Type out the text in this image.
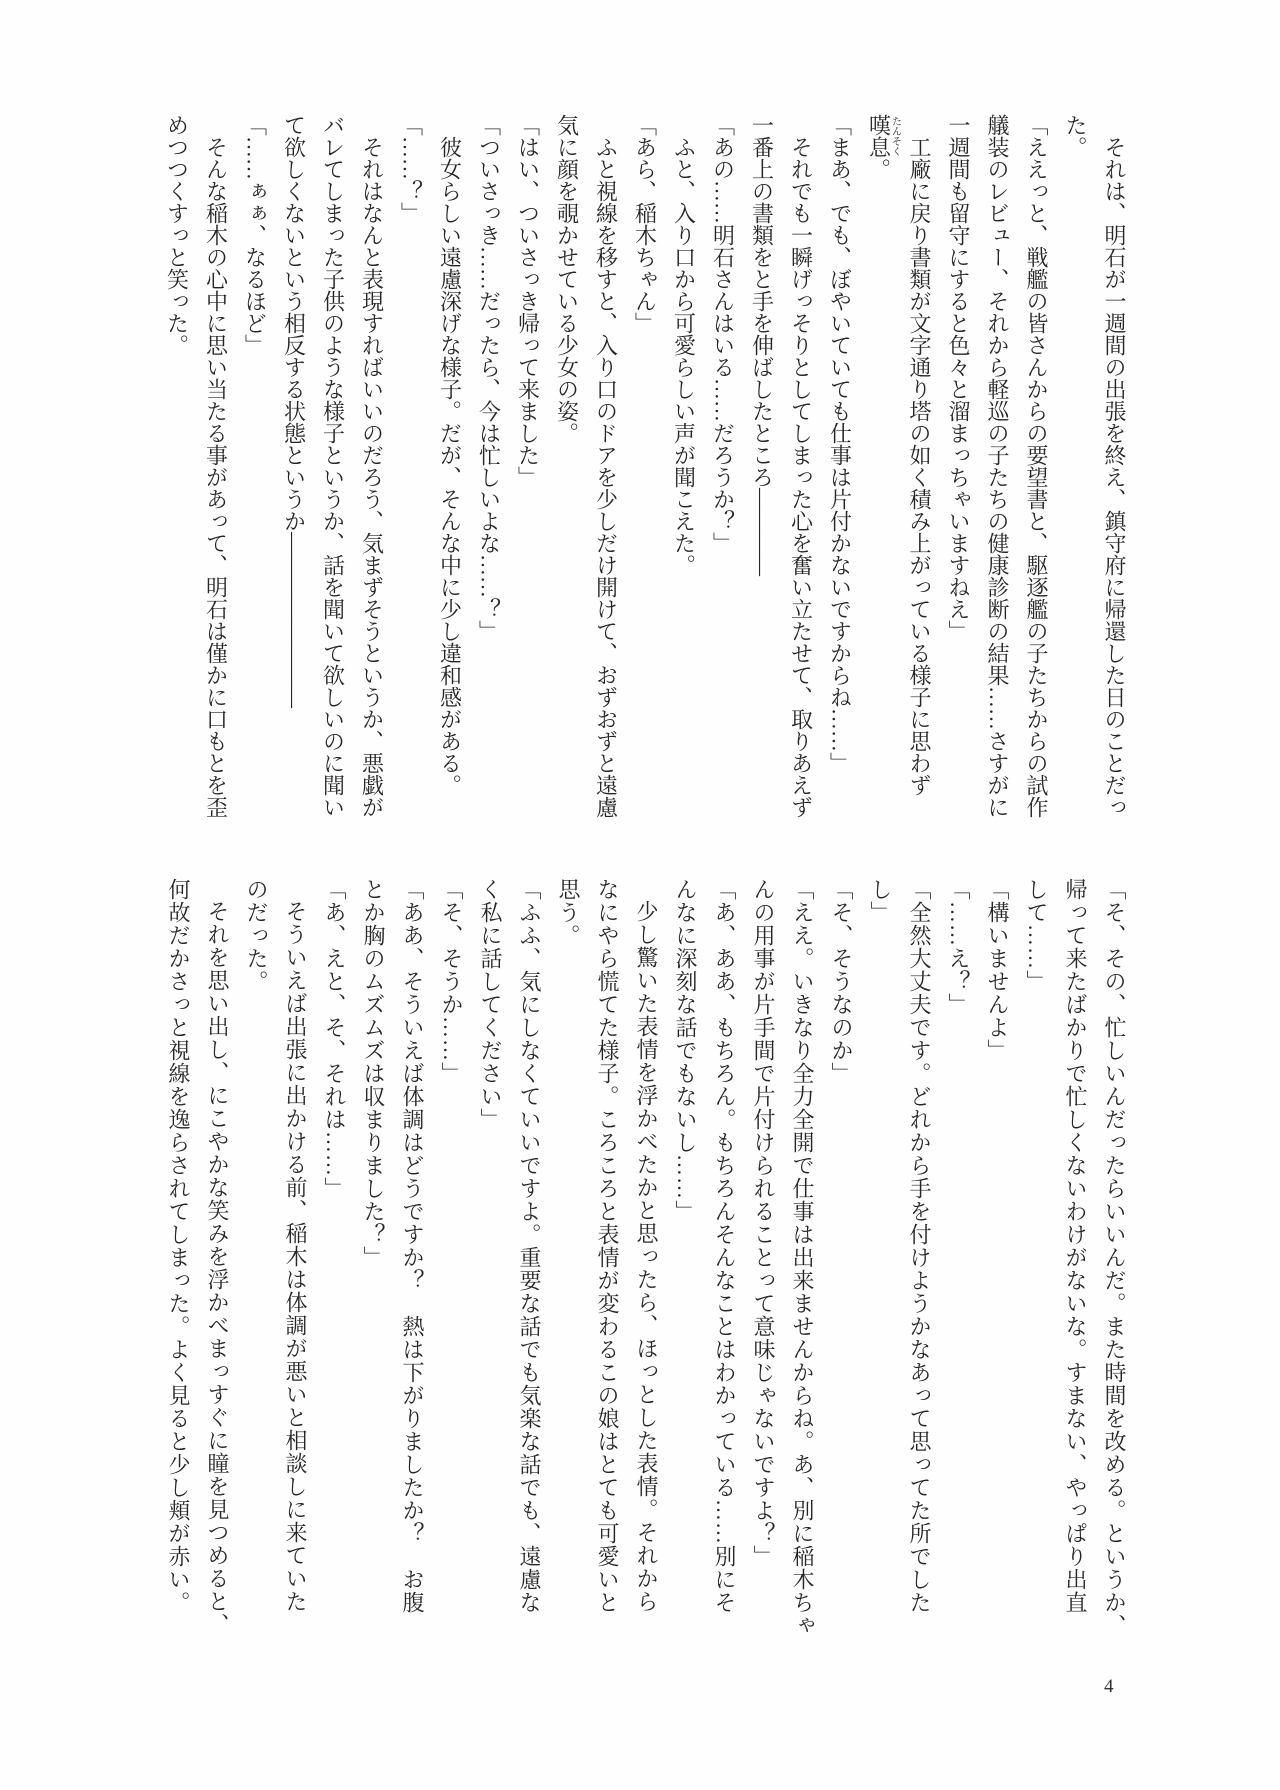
それは、明石が一週間の出張を終え、鎮守府に帰還した日のことだっ
た。
「ええっと、戦艦の皆さんからの要望書と、駆逐艦の子たちからの試作
艤装のレビュー、それから軽巡の子たちの健康診断の結果……さすがに
一週間も留守にすると色々と溜まっちゃいますねえ」
工廠に戻り書類が文字通り塔の如く積み上がっている様子に思わず
嘆息たんそく。
「まあ、でも、ぼやいていても仕事は片付かないですからね……」
それでも一瞬げっそりとしてしまった心を奮い立たせて、取りあえず
一番上の書類をと手を伸ばしたところ――――
「あの……明石さんはいる……だろうか？」
ふと、入り口から可愛らしい声が聞こえた。
「あら、稲木ちゃん」
ふと視線を移すと、入り口のドアを少しだけ開けて、おずおずと遠慮
気に顔を覗かせている少女の姿。
「はい、ついさっき帰って来ました」
「ついさっき……だったら、今は忙しいよな……？」
彼女らしい遠慮深げな様子。だが、そんな中に少し違和感がある。
「……？」
それはなんと表現すればいいのだろう、気まずそうというか、悪戯が
バレてしまった子供のような様子というか、話を聞いて欲しいのに聞い
て欲しくないという相反する状態というか――――――――
「……ぁぁ、なるほど」
そんな稲木の心中に思い当たる事があって、明石は僅かに口もとを歪
めつつくすっと笑った。
「そ、その、忙しいんだったらいいんだ。また時間を改める。というか、
帰って来たばかりで忙しくないわけがないな。すまない、やっぱり出直
して……」
「構いませんよ」
「……え？」
「全然大丈夫です。どれから手を付けようかなあって思ってた所でした
し」
「そ、そうなのか」
「ええ。いきなり全力全開で仕事は出来ませんからね。あ、別に稲木ちゃ
んの用事が片手間で片付けられることって意味じゃないですよ？」
「あ、ああ、もちろん。もちろんそんなことはわかっている……別にそ
んなに深刻な話でもないし……」
少し驚いた表情を浮かべたかと思ったら、ほっとした表情。それから
なにやら慌てた様子。ころころと表情が変わるこの娘はとても可愛いと
思う。
「ふふ、気にしなくていいですよ。重要な話でも気楽な話でも、遠慮な
く私に話してください」
「そ、そうか……」
「ああ、そういえば体調はどうですか？　熱は下がりましたか？　お腹
とか胸のムズムズは収まりました？」
「あ、えと、そ、それは……」
そういえば出張に出かける前、稲木は体調が悪いと相談しに来ていた
のだった。
それを思い出し、にこやかな笑みを浮かべまっすぐに瞳を見つめると、
何故だかさっと視線を逸らされてしまった。よく見ると少し頬が赤い。
4
